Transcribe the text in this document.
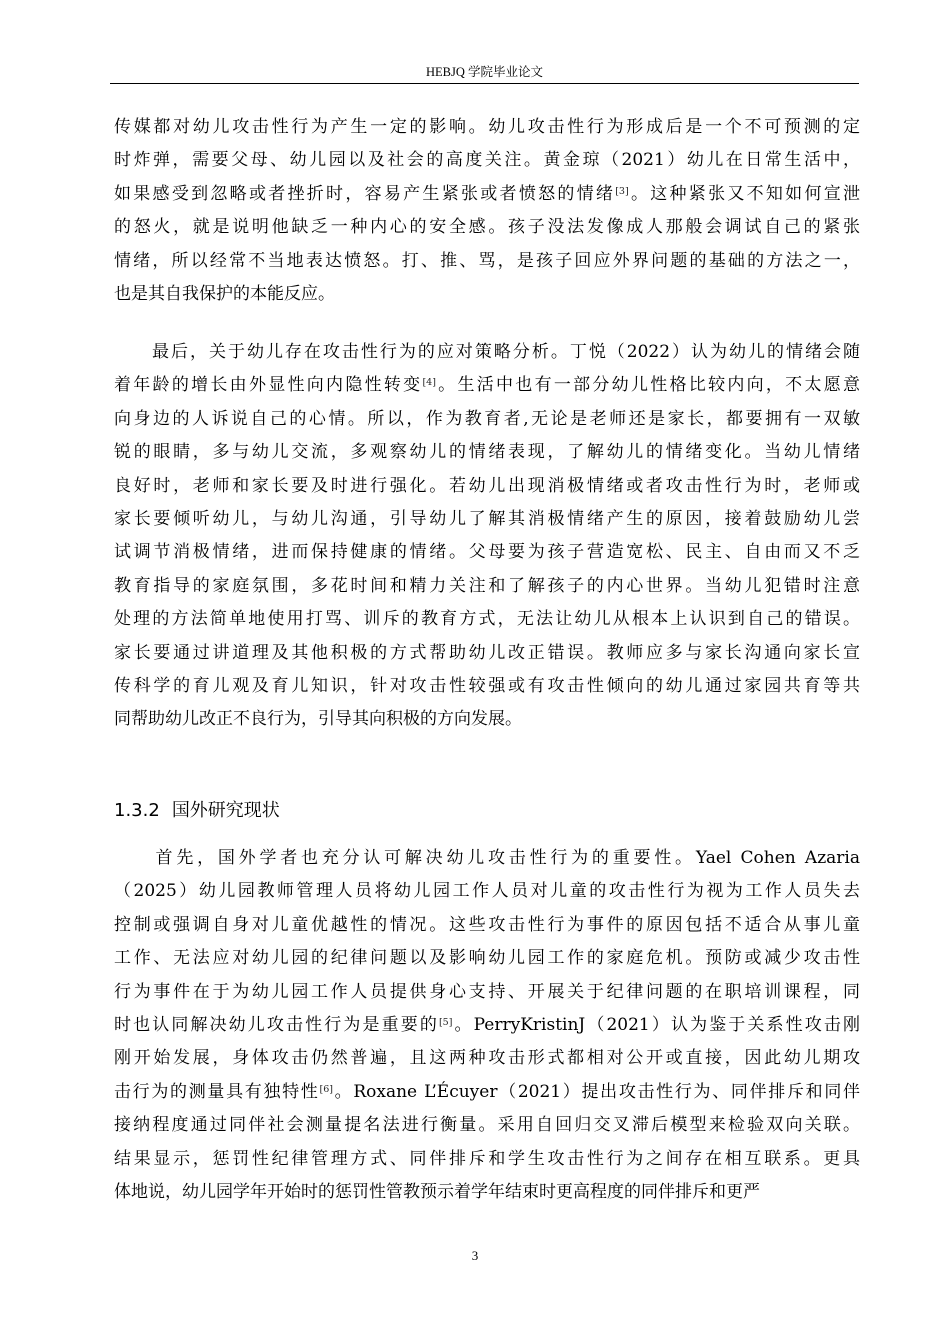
HEBJQ 学院毕业论文
传媒都对幼儿攻击性行为产生一定的影响。幼儿攻击性行为形成后是一个不可预测的定
时炸弹，需要父母、幼儿园以及社会的高度关注。黄金琼（2021）幼儿在日常生活中，
如果感受到忽略或者挫折时，容易产生紧张或者愤怒的情绪[3]。这种紧张又不知如何宣泄
的怒火，就是说明他缺乏一种内心的安全感。孩子没法发像成人那般会调试自己的紧张
情绪，所以经常不当地表达愤怒。打、推、骂，是孩子回应外界问题的基础的方法之一，
也是其自我保护的本能反应。
　　最后，关于幼儿存在攻击性行为的应对策略分析。丁悦（2022）认为幼儿的情绪会随
着年龄的增长由外显性向内隐性转变[4]。生活中也有一部分幼儿性格比较内向，不太愿意
向身边的人诉说自己的心情。所以，作为教育者,无论是老师还是家长，都要拥有一双敏
锐的眼睛，多与幼儿交流，多观察幼儿的情绪表现，了解幼儿的情绪变化。当幼儿情绪
良好时，老师和家长要及时进行强化。若幼儿出现消极情绪或者攻击性行为时，老师或
家长要倾听幼儿，与幼儿沟通，引导幼儿了解其消极情绪产生的原因，接着鼓励幼儿尝
试调节消极情绪，进而保持健康的情绪。父母要为孩子营造宽松、民主、自由而又不乏
教育指导的家庭氛围，多花时间和精力关注和了解孩子的内心世界。当幼儿犯错时注意
处理的方法简单地使用打骂、训斥的教育方式，无法让幼儿从根本上认识到自己的错误。
家长要通过讲道理及其他积极的方式帮助幼儿改正错误。教师应多与家长沟通向家长宣
传科学的育儿观及育儿知识，针对攻击性较强或有攻击性倾向的幼儿通过家园共育等共
同帮助幼儿改正不良行为，引导其向积极的方向发展。
1.3.2 国外研究现状
　　首先，国外学者也充分认可解决幼儿攻击性行为的重要性。Yael Cohen Azaria
（2025）幼儿园教师管理人员将幼儿园工作人员对儿童的攻击性行为视为工作人员失去
控制或强调自身对儿童优越性的情况。这些攻击性行为事件的原因包括不适合从事儿童
工作、无法应对幼儿园的纪律问题以及影响幼儿园工作的家庭危机。预防或减少攻击性
行为事件在于为幼儿园工作人员提供身心支持、开展关于纪律问题的在职培训课程，同
时也认同解决幼儿攻击性行为是重要的[5]。PerryKristinJ（2021）认为鉴于关系性攻击刚
刚开始发展，身体攻击仍然普遍，且这两种攻击形式都相对公开或直接，因此幼儿期攻
击行为的测量具有独特性[6]。Roxane L’Écuyer（2021）提出攻击性行为、同伴排斥和同伴
接纳程度通过同伴社会测量提名法进行衡量。采用自回归交叉滞后模型来检验双向关联。
结果显示，惩罚性纪律管理方式、同伴排斥和学生攻击性行为之间存在相互联系。更具
体地说，幼儿园学年开始时的惩罚性管教预示着学年结束时更高程度的同伴排斥和更严
3
